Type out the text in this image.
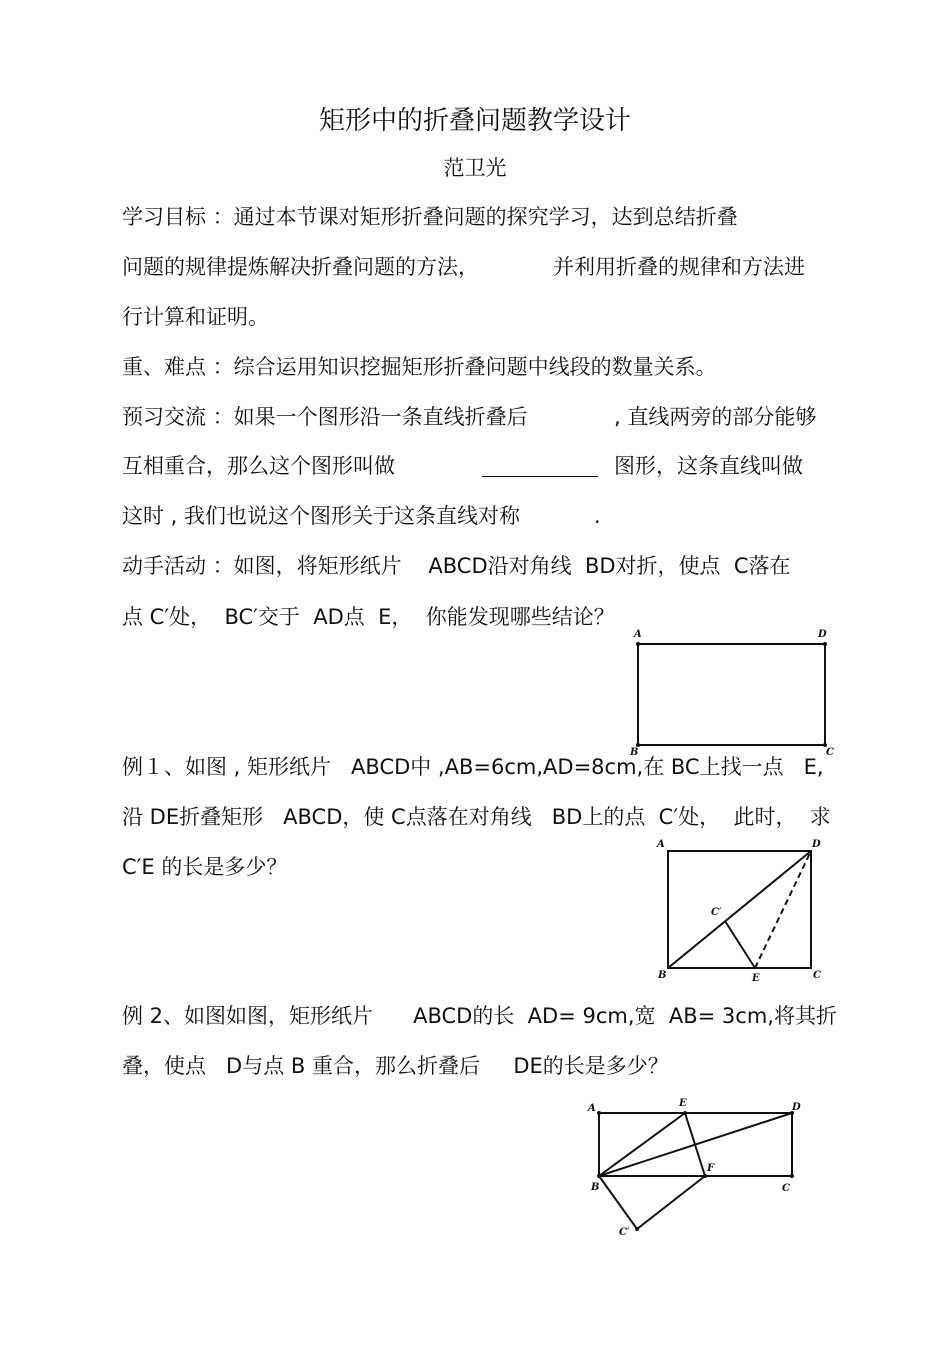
矩形中的折叠问题教学设计
范卫光
学习目标 ：通过本节课对矩形折叠问题的探究学习，达到总结折叠
问题的规律提炼解决折叠问题的方法，	并利用折叠的规律和方法进
行计算和证明。
重、难点 ：综合运用知识挖掘矩形折叠问题中线段的数量关系。
预习交流 ：如果一个图形沿一条直线折叠后	, 直线两旁的部分能够
互相重合，那么这个图形叫做	图形，这条直线叫做
这时 , 我们也说这个图形关于这条直线对称	.
动手活动 ：如图，将矩形纸片    ABCD沿对角线  BD对折，使点  C落在
点 C′处，  BC′交于  AD点  E，  你能发现哪些结论？
A	D
B	C
例１、如图 , 矩形纸片   ABCD中 ,AB=6cm,AD=8cm,在 BC上找一点   E,
沿 DE折叠矩形   ABCD，使 C点落在对角线   BD上的点  C′处，  此时，  求
C′E 的长是多少？
A	D
C′
B	E	C
例 2、如图如图，矩形纸片      ABCD的长  AD= 9cm,宽  AB= 3cm,将其折
叠，使点   D与点 B 重合，那么折叠后     DE的长是多少？
A	E	D
F
B	C
C′
